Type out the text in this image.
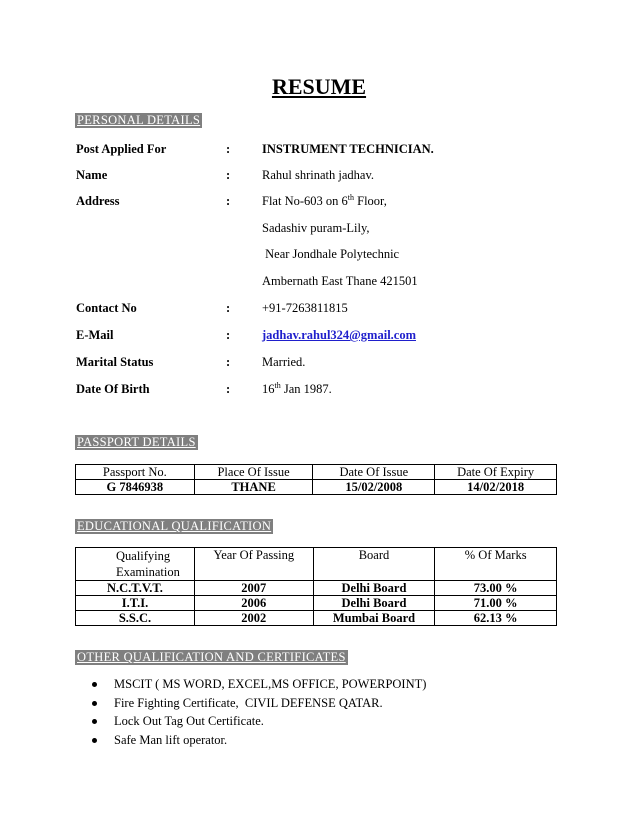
RESUME
PERSONAL DETAILS
Post Applied For	:	INSTRUMENT TECHNICIAN.
Name	:	Rahul shrinath jadhav.
Address	:	Flat No-603 on 6th Floor,
Sadashiv puram-Lily,
Near Jondhale Polytechnic
Ambernath East Thane 421501
Contact No	:	+91-7263811815
E-Mail	:	jadhav.rahul324@gmail.com
Marital Status	:	Married.
Date Of Birth	:	16th Jan 1987.
PASSPORT DETAILS
Passport No.	Place Of Issue	Date Of Issue	Date Of Expiry
G 7846938	THANE	15/02/2008	14/02/2018
EDUCATIONAL QUALIFICATION
Qualifying Examination	Year Of Passing	Board	% Of Marks
N.C.T.V.T.	2007	Delhi Board	73.00 %
I.T.I.	2006	Delhi Board	71.00 %
S.S.C.	2002	Mumbai Board	62.13 %
OTHER QUALIFICATION AND CERTIFICATES
MSCIT ( MS WORD, EXCEL,MS OFFICE, POWERPOINT)
Fire Fighting Certificate,  CIVIL DEFENSE QATAR.
Lock Out Tag Out Certificate.
Safe Man lift operator.
